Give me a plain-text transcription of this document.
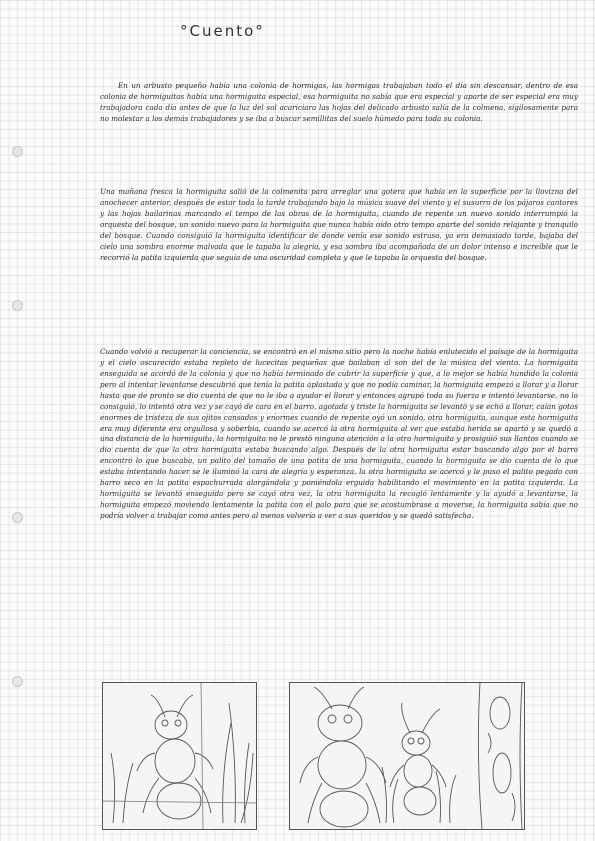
°Cuento°

En un arbusto pequeño había una colonia de hormigas, las hormigas trabajaban todo el día sin descansar, dentro de esa colonia de hormiguitas había una hormiguita especial, esa hormiguita no sabía que era especial y aparte de ser especial era muy trabajadora cada día antes de que la luz del sol acariciara las hojas del delicado arbusto salía de la colmena, sigilosamente para no molestar a los demás trabajadores y se iba a buscar semillitas del suelo húmedo para toda su colonia.

Una mañana fresca la hormiguita salió de la colmenita para arreglar una gotera que había en la superficie por la llovizna del anochecer anterior, después de estar toda la tarde trabajando bajo la música suave del viento y el susurro de los pájaros cantores y las hojas bailarinas marcando el tempo de las obras de la hormiguita, cuando de repente un nuevo sonido interrumpió la orquesta del bosque, un sonido nuevo para la hormiguita que nunca había oído otro tempo aparte del sonido relajante y tranquilo del bosque. Cuando consiguió la hormiguita identificar de donde venía ese sonido estruso, ya era demasiado tarde, bajaba del cielo una sombra enorme malvada que le tapaba la alegría, y esa sombra iba acompañada de un dolor intenso e increíble que le recorrió la patita izquierda que seguía de una oscuridad completa y que le tapaba la orquesta del bosque.

Cuando volvió a recuperar la conciencia, se encontró en el mismo sitio pero la noche había enlutecido el paisaje de la hormiguita y el cielo oscurecido estaba repleto de lucecitas pequeñas que bailaban al son del de la música del viento. La hormiguita enseguida se acordó de la colonia y que no había terminado de cubrir la superficie y que, a lo mejor se había hundido la colonia pero al intentar levantarse descubrió que tenía la patita aplastada y que no podía caminar, la hormiguita empezó a llorar y a llorar hasta que de pronto se dio cuenta de que no le iba a ayudar el llorar y entonces agrupó toda su fuerza e intentó levantarse, no lo consiguió, lo intentó otra vez y se cayó de cara en el barro, agotada y triste la hormiguita se levantó y se echó a llorar, caían gotas enormes de tristeza de sus ojitos cansados y enormes cuando de repente oyó un sonido, otra hormiguita, aunque esta hormiguita era muy diferente era orgullosa y soberbia, cuando se acercó la otra hormiguita al ver que estaba herida se apartó y se quedó a una distancia de la hormiguita, la hormiguita no le prestó ninguna atención a la otra hormiguita y prosiguió sus llantos cuando se dio cuenta de que la otra hormiguita estaba buscando algo. Después de la otra hormiguita estar buscando algo por el barro encontró lo que buscaba, un palito del tamaño de una patita de una hormiguita, cuando la hormiguita se dio cuenta de lo que estaba intentando hacer se le iluminó la cara de alegría y esperanza, la otra hormiguita se acercó y le puso el palito pegado con barro seco en la patita espachurrada alargándola y poniéndola erguida habilitando el movimiento en la patita izquierda. La hormiguita se levantó enseguida pero se cayó otra vez, la otra hormiguita la recogió lentamente y la ayudó a levantarse, la hormiguita empezó moviendo lentamente la patita con el palo para que se acostumbrase a moverse, la hormiguita sabía que no podría volver a trabajar como antes pero al menos volvería a ver a sus queridos y se quedó satisfecha.
